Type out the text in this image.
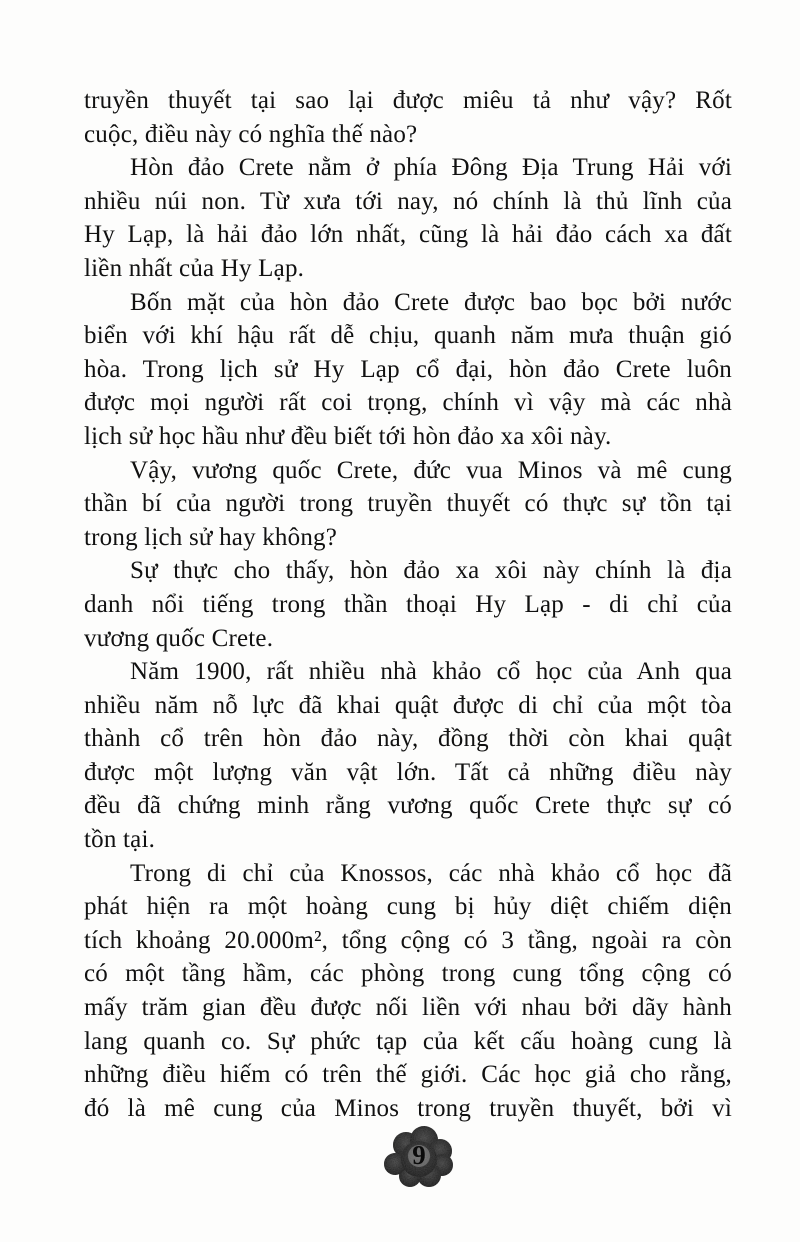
truyền thuyết tại sao lại được miêu tả như vậy? Rốt
cuộc, điều này có nghĩa thế nào?
Hòn đảo Crete nằm ở phía Đông Địa Trung Hải với
nhiều núi non. Từ xưa tới nay, nó chính là thủ lĩnh của
Hy Lạp, là hải đảo lớn nhất, cũng là hải đảo cách xa đất
liền nhất của Hy Lạp.
Bốn mặt của hòn đảo Crete được bao bọc bởi nước
biển với khí hậu rất dễ chịu, quanh năm mưa thuận gió
hòa. Trong lịch sử Hy Lạp cổ đại, hòn đảo Crete luôn
được mọi người rất coi trọng, chính vì vậy mà các nhà
lịch sử học hầu như đều biết tới hòn đảo xa xôi này.
Vậy, vương quốc Crete, đức vua Minos và mê cung
thần bí của người trong truyền thuyết có thực sự tồn tại
trong lịch sử hay không?
Sự thực cho thấy, hòn đảo xa xôi này chính là địa
danh nổi tiếng trong thần thoại Hy Lạp - di chỉ của
vương quốc Crete.
Năm 1900, rất nhiều nhà khảo cổ học của Anh qua
nhiều năm nỗ lực đã khai quật được di chỉ của một tòa
thành cổ trên hòn đảo này, đồng thời còn khai quật
được một lượng văn vật lớn. Tất cả những điều này
đều đã chứng minh rằng vương quốc Crete thực sự có
tồn tại.
Trong di chỉ của Knossos, các nhà khảo cổ học đã
phát hiện ra một hoàng cung bị hủy diệt chiếm diện
tích khoảng 20.000m², tổng cộng có 3 tầng, ngoài ra còn
có một tầng hầm, các phòng trong cung tổng cộng có
mấy trăm gian đều được nối liền với nhau bởi dãy hành
lang quanh co. Sự phức tạp của kết cấu hoàng cung là
những điều hiếm có trên thế giới. Các học giả cho rằng,
đó là mê cung của Minos trong truyền thuyết, bởi vì
9
